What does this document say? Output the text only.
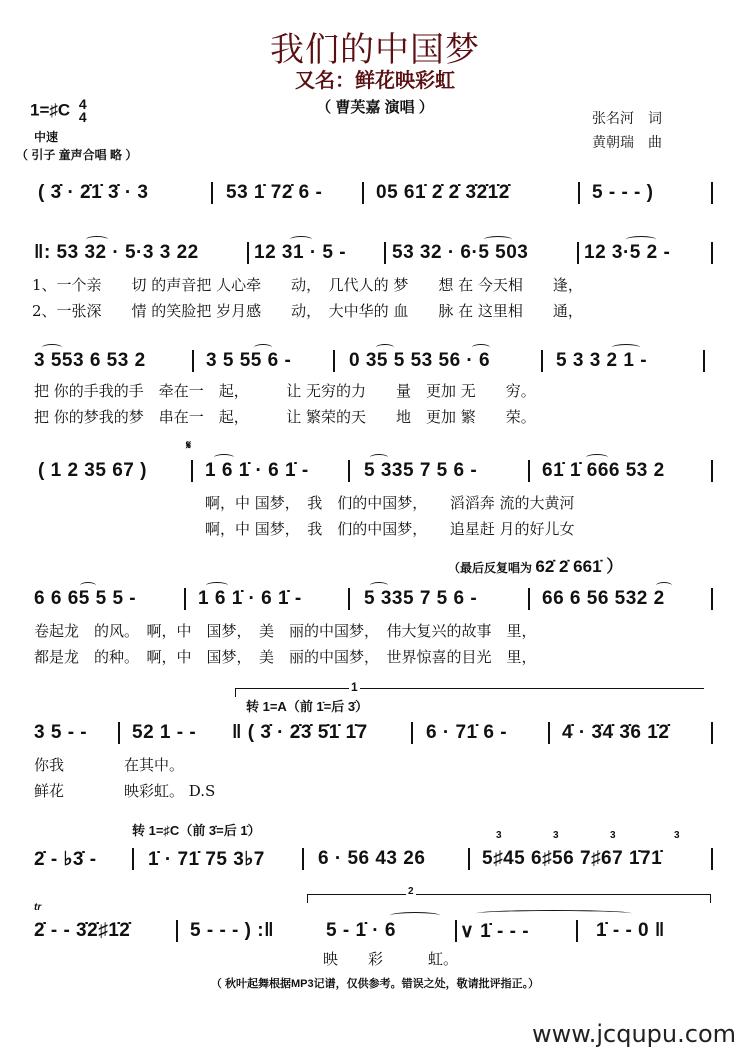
我们的中国梦
又名：鲜花映彩虹
（ 曹芙嘉 演唱 ）
1=♯C 4
4
中速
（ 引子 童声合唱 略 ）
张名河　词
黄朝瑞　曲
( 3̇ · 2̇1̇ 3̇ · 3	53 1̇ 72̇ 6 -	05 61̇ 2̇ 2̇ 3̇2̇1̇2̇	5 - - - )
‖: 53 32 · 5·3 3 22	12 31 · 5 - 53 32 · 6·5 503	12 3·5 2 -
1、一个亲　　切 的声音把 人心牵　　动，　几代人的 梦　　想 在 今天相　　逢，
2、一张深　　情 的笑脸把 岁月感　　动，　大中华的 血　　脉 在 这里相　　通，
3 553 6 53 2	3 5 55 6 -	0 35 5 53 56 · 6	5 3 3 2 1 -
把 你的手我的手　牵在一　起，　　　让 无穷的力　　量　更加 无　　穷。
把 你的梦我的梦　串在一　起，　　　让 繁荣的天　　地　更加 繁　　荣。
𝄋
( 1 2 35 67 )	1 6 1̇ · 6 1̇ -	5 335 7 5 6 -	61̇ 1̇ 666 53 2
啊，中 国梦，　我　们的中国梦，　　滔滔奔 流的大黄河
啊，中 国梦，　我　们的中国梦，　　追星赶 月的好儿女
（最后反复唱为 62̇ 2̇ 661̇ ）
6 6 65 5 5 -	1 6 1̇ · 6 1̇ -	5 335 7 5 6 -	66 6 56 532 2
卷起龙　的风。　啊，中　国梦，　美　丽的中国梦，　伟大复兴的故事　里，
都是龙　的种。　啊，中　国梦，　美　丽的中国梦，　世界惊喜的目光　里，
1
转 1=A（前 1̇=后 3̇）
3 5 - - 52 1 - - ‖ ( 3̇ · 2̇3̇ 5̇1̇ 1̇7	6 · 71̇ 6 -	4̇ · 3̇4̇ 3̇6 1̇2̇
你我　　　　在其中。
鲜花　　　　映彩虹。 D.S
转 1=♯C（前 3̇=后 1̇）	3	3	3	3
2̇ - ♭3̇ -	1̇ · 71̇ 75 3♭7	6 · 56 43 26	5♯45 6♯56 7♯67 1̇71̇
2
tr
2̇ - - 3̇2̇♯1̇2̇	5 - - - ) :‖	5 - 1̇ · 6	∨ 1̇ - - -	1̇ - - 0 ‖
映　　彩　　　虹。
（ 秋叶起舞根据MP3记谱，仅供参考。错误之处，敬请批评指正。）
www.jcqupu.com
